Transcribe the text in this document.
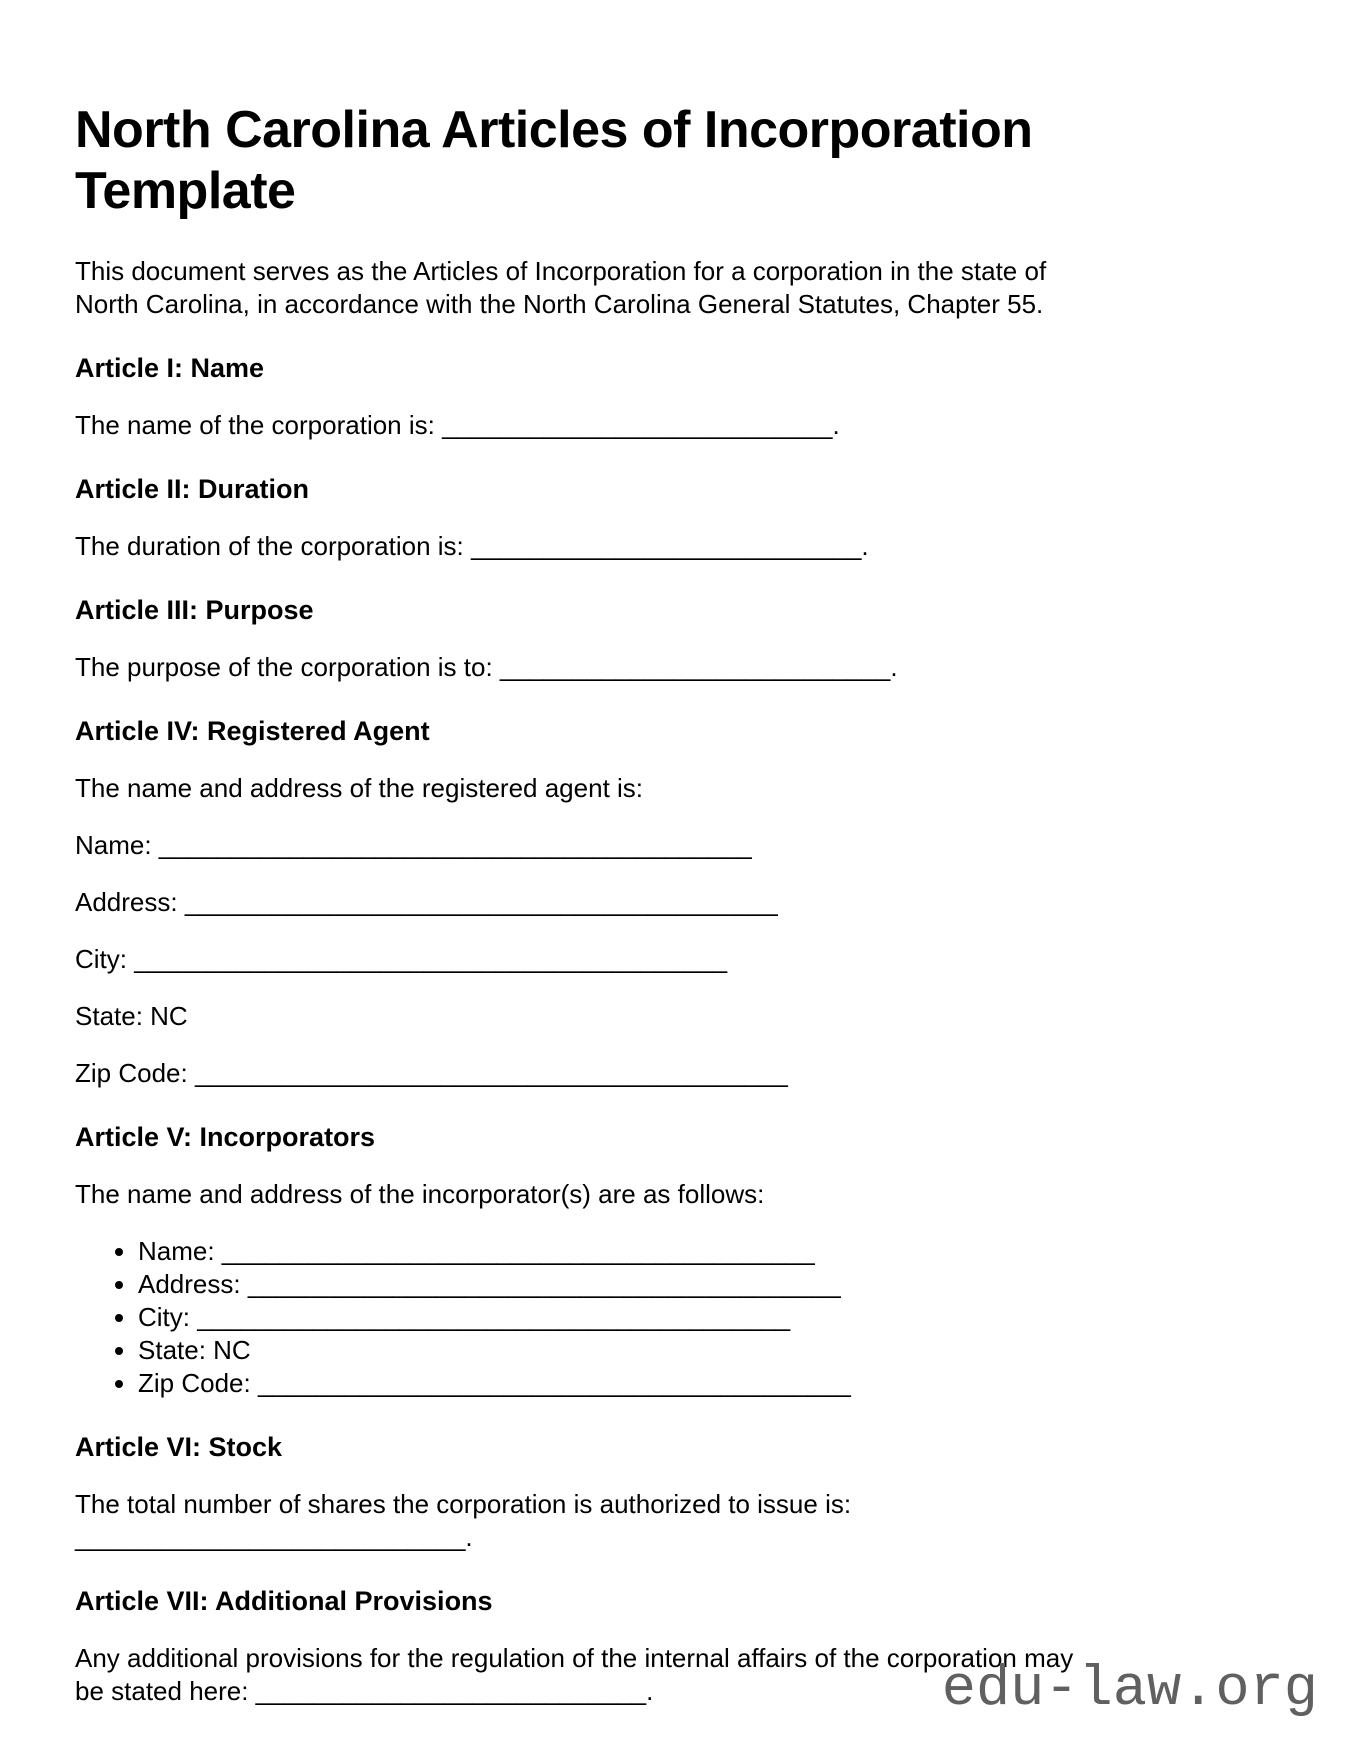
North Carolina Articles of Incorporation
Template

This document serves as the Articles of Incorporation for a corporation in the state of
North Carolina, in accordance with the North Carolina General Statutes, Chapter 55.

Article I: Name

The name of the corporation is: ___________________________.

Article II: Duration

The duration of the corporation is: ___________________________.

Article III: Purpose

The purpose of the corporation is to: ___________________________.

Article IV: Registered Agent

The name and address of the registered agent is:

Name: _________________________________________

Address: _________________________________________

City: _________________________________________

State: NC

Zip Code: _________________________________________

Article V: Incorporators

The name and address of the incorporator(s) are as follows:

• Name: _________________________________________
• Address: _________________________________________
• City: _________________________________________
• State: NC
• Zip Code: _________________________________________
Article VI: Stock

The total number of shares the corporation is authorized to issue is:
___________________________.

Article VII: Additional Provisions

Any additional provisions for the regulation of the internal affairs of the corporation may
be stated here: ___________________________.	edu-law.org
